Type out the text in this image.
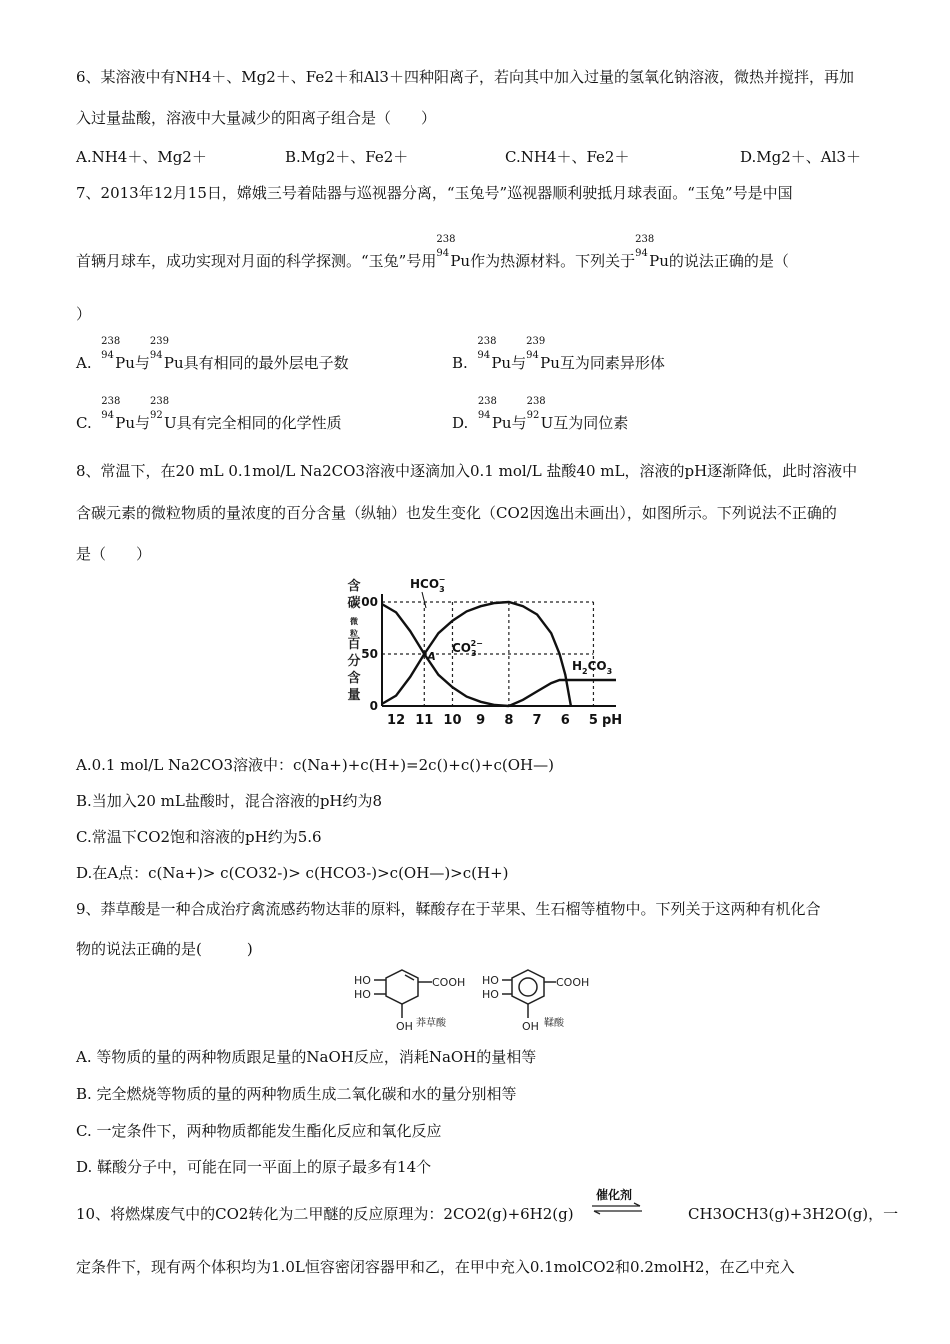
6、某溶液中有NH4＋、Mg2＋、Fe2＋和Al3＋四种阳离子，若向其中加入过量的氢氧化钠溶液，微热并搅拌，再加
入过量盐酸，溶液中大量减少的阳离子组合是（　　）
A.NH4＋、Mg2＋	B.Mg2＋、Fe2＋	C.NH4＋、Fe2＋	D.Mg2＋、Al3＋
7、2013年12月15日，嫦娥三号着陆器与巡视器分离，“玉兔号”巡视器顺利驶抵月球表面。“玉兔”号是中国
首辆月球车，成功实现对月面的科学探测。“玉兔”号用
238
94 Pu作为热源材料。下列关于
238
94 Pu的说法正确的是（
）
A.
238
94 Pu与
239
94 Pu具有相同的最外层电子数	B.
238
94 Pu与
239
94 Pu互为同素异形体
C.
238
94 Pu与
238
92 U具有完全相同的化学性质	D.
238
94 Pu与
238
92 U互为同位素
8、常温下，在20 mL 0.1mol/L Na2CO3溶液中逐滴加入0.1 mol/L 盐酸40 mL，溶液的pH逐渐降低，此时溶液中
含碳元素的微粒物质的量浓度的百分含量（纵轴）也发生变化（CO2因逸出未画出），如图所示。下列说法不正确的
是（　　）
含
碳
微
粒
百
分
含
量
12 11 10 9 8 7 6 5 pH
00
50
0
$HCO_3-$
$CO_32-$
$H_2CO_3$
A
A.0.1 mol/L Na2CO3溶液中：c(Na+)+c(H+)=2c()+c()+c(OH—)
B.当加入20 mL盐酸时，混合溶液的pH约为8
C.常温下CO2饱和溶液的pH约为5.6
D.在A点：c(Na+)> c(CO32-)> c(HCO3-)>c(OH—)>c(H+)
9、莽草酸是一种合成治疗禽流感药物达菲的原料，鞣酸存在于苹果、生石榴等植物中。下列关于这两种有机化合
物的说法正确的是(　　　)
HO
HO
COOH
OH 莽草酸
HO
HO
COOH
OH 鞣酸
A. 等物质的量的两种物质跟足量的NaOH反应，消耗NaOH的量相等
B. 完全燃烧等物质的量的两种物质生成二氧化碳和水的量分别相等
C. 一定条件下，两种物质都能发生酯化反应和氧化反应
D. 鞣酸分子中，可能在同一平面上的原子最多有14个
10、将燃煤废气中的CO2转化为二甲醚的反应原理为：2CO2(g)+6H2(g)
催化剂
CH3OCH3(g)+3H2O(g)，一
定条件下，现有两个体积均为1.0L恒容密闭容器甲和乙，在甲中充入0.1molCO2和0.2molH2，在乙中充入
